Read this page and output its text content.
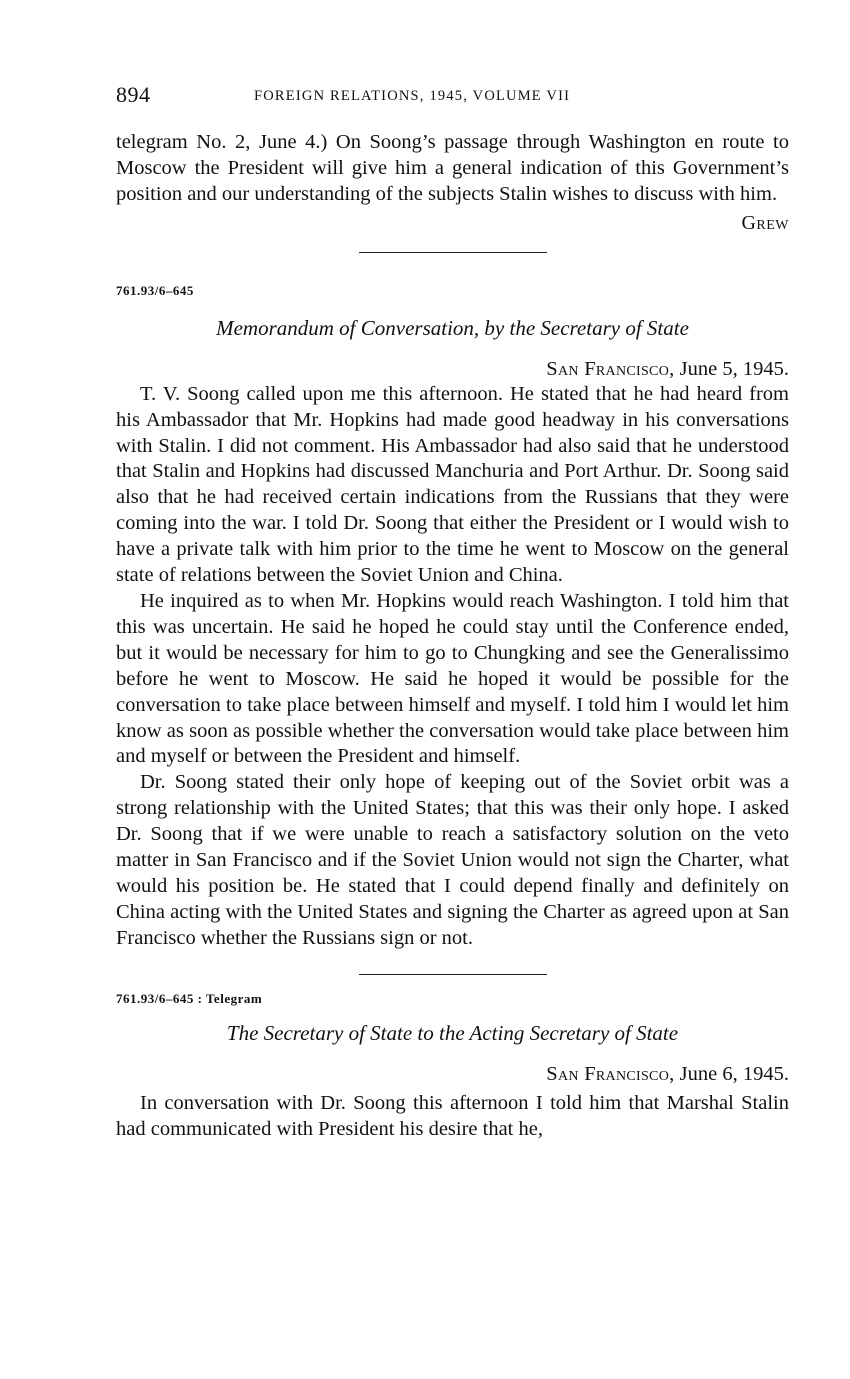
894	FOREIGN RELATIONS, 1945, VOLUME VII

telegram No. 2, June 4.) On Soong’s passage through Washington en route to Moscow the President will give him a general indication of this Government’s position and our understanding of the subjects Stalin wishes to discuss with him.

Grew
761.93/6–645
Memorandum of Conversation, by the Secretary of State
San Francisco, June 5, 1945.

T. V. Soong called upon me this afternoon. He stated that he had heard from his Ambassador that Mr. Hopkins had made good headway in his conversations with Stalin. I did not comment. His Ambassador had also said that he understood that Stalin and Hopkins had discussed Manchuria and Port Arthur. Dr. Soong said also that he had received certain indications from the Russians that they were coming into the war. I told Dr. Soong that either the President or I would wish to have a private talk with him prior to the time he went to Moscow on the general state of relations between the Soviet Union and China.

He inquired as to when Mr. Hopkins would reach Washington. I told him that this was uncertain. He said he hoped he could stay until the Conference ended, but it would be necessary for him to go to Chungking and see the Generalissimo before he went to Moscow. He said he hoped it would be possible for the conversation to take place between himself and myself. I told him I would let him know as soon as possible whether the conversation would take place between him and myself or between the President and himself.

Dr. Soong stated their only hope of keeping out of the Soviet orbit was a strong relationship with the United States; that this was their only hope. I asked Dr. Soong that if we were unable to reach a satisfactory solution on the veto matter in San Francisco and if the Soviet Union would not sign the Charter, what would his position be. He stated that I could depend finally and definitely on China acting with the United States and signing the Charter as agreed upon at San Francisco whether the Russians sign or not.

761.93/6–645 : Telegram
The Secretary of State to the Acting Secretary of State
San Francisco, June 6, 1945.

In conversation with Dr. Soong this afternoon I told him that Marshal Stalin had communicated with President his desire that he,
